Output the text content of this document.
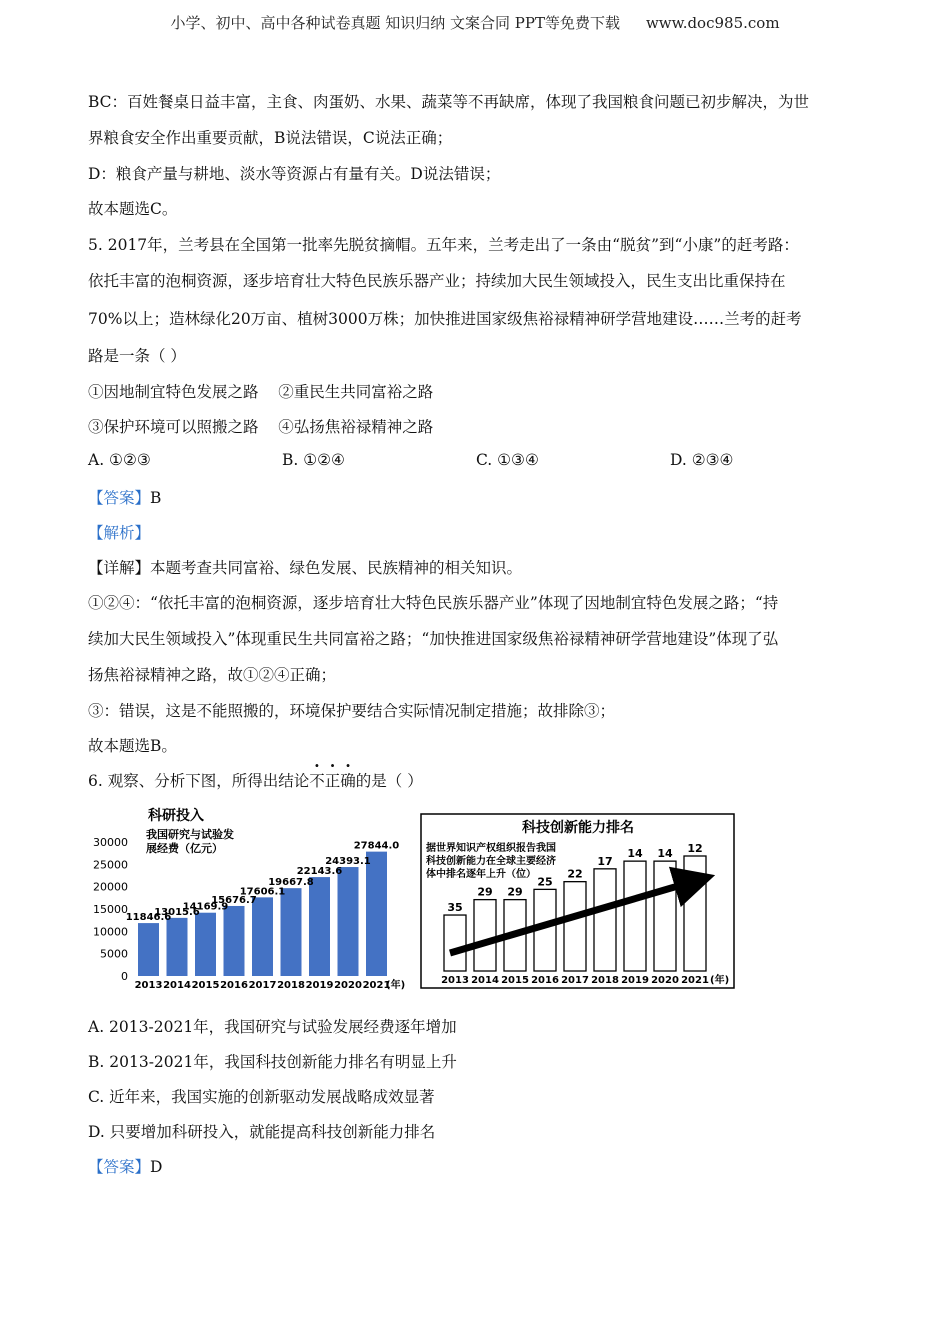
小学、初中、高中各种试卷真题 知识归纳 文案合同 PPT等免费下载 www.doc985.com
BC：百姓餐桌日益丰富，主食、肉蛋奶、水果、蔬菜等不再缺席，体现了我国粮食问题已初步解决，为世
界粮食安全作出重要贡献，B说法错误，C说法正确；
D：粮食产量与耕地、淡水等资源占有量有关。D说法错误；
故本题选C。
5. 2017年，兰考县在全国第一批率先脱贫摘帽。五年来，兰考走出了一条由“脱贫”到“小康”的赶考路：
依托丰富的泡桐资源，逐步培育壮大特色民族乐器产业；持续加大民生领域投入，民生支出比重保持在
70%以上；造林绿化20万亩、植树3000万株；加快推进国家级焦裕禄精神研学营地建设……兰考的赶考
路是一条（ ）
①因地制宜特色发展之路    ②重民生共同富裕之路
③保护环境可以照搬之路    ④弘扬焦裕禄精神之路
A. ①②③	B. ①②④	C. ①③④	D. ②③④
【答案】B
【解析】
【详解】本题考查共同富裕、绿色发展、民族精神的相关知识。
①②④：“依托丰富的泡桐资源，逐步培育壮大特色民族乐器产业”体现了因地制宜特色发展之路；“持
续加大民生领域投入”体现重民生共同富裕之路；“加快推进国家级焦裕禄精神研学营地建设”体现了弘
扬焦裕禄精神之路，故①②④正确；
③：错误，这是不能照搬的，环境保护要结合实际情况制定措施；故排除③；
故本题选B。
6. 观察、分析下图，所得出结论不正确的是（ ）
科研投入
我国研究与试验发
展经费（亿元）
30000
25000
20000
15000
10000
5000
0
11846.6
13015.6
14169.9
15676.7
17606.1
19667.8
22143.6
24393.1
27844.0
2013 2014 2015 2016 2017 2018 2019 2020 2021
(年)
科技创新能力排名
据世界知识产权组织报告我国
科技创新能力在全球主要经济
体中排名逐年上升（位）
35
29 29
25
22
17
14 14 12
2013 2014 2015 2016 2017 2018 2019 2020 2021 (年)
A. 2013-2021年，我国研究与试验发展经费逐年增加
B. 2013-2021年，我国科技创新能力排名有明显上升
C. 近年来，我国实施的创新驱动发展战略成效显著
D. 只要增加科研投入，就能提高科技创新能力排名
【答案】D
